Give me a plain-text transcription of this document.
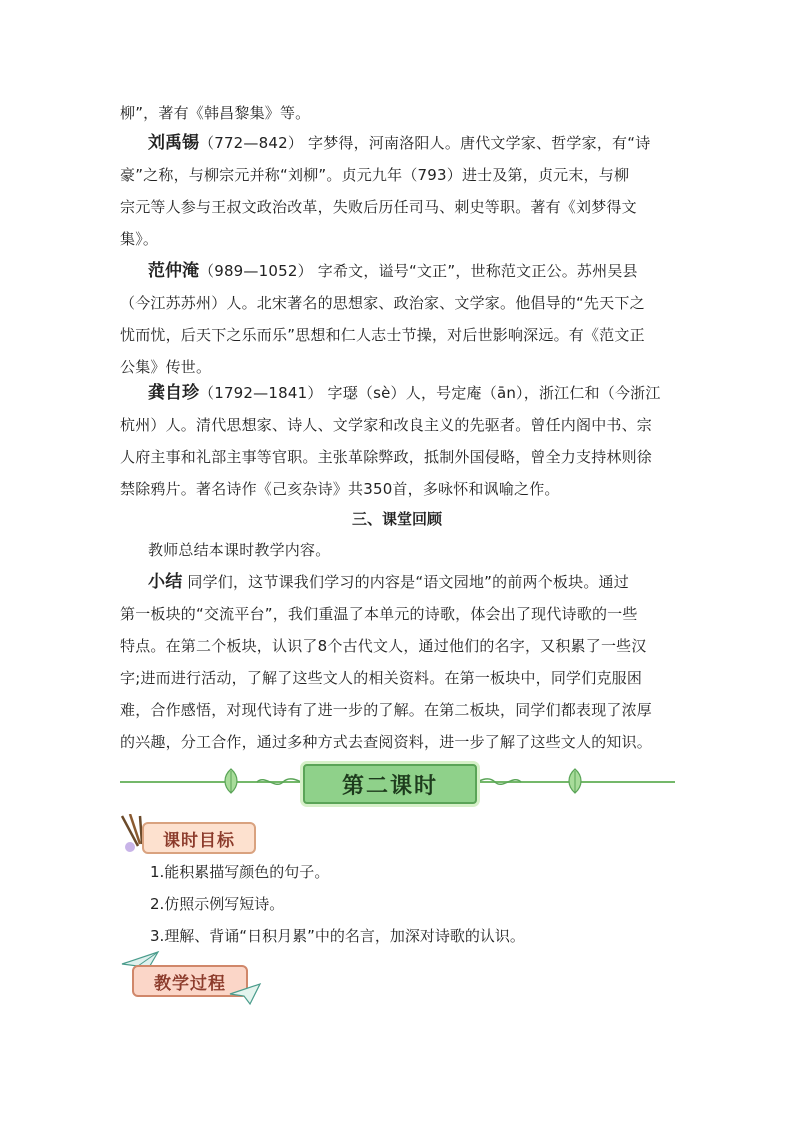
柳”，著有《韩昌黎集》等。
刘禹锡（772—842） 字梦得，河南洛阳人。唐代文学家、哲学家，有“诗
豪”之称，与柳宗元并称“刘柳”。贞元九年（793）进士及第，贞元末，与柳
宗元等人参与王叔文政治改革，失败后历任司马、刺史等职。著有《刘梦得文
集》。
范仲淹（989—1052） 字希文，谥号“文正”，世称范文正公。苏州吴县
（今江苏苏州）人。北宋著名的思想家、政治家、文学家。他倡导的“先天下之
忧而忧，后天下之乐而乐”思想和仁人志士节操，对后世影响深远。有《范文正
公集》传世。
龚自珍（1792—1841） 字璱（sè）人，号定庵（ān），浙江仁和（今浙江
杭州）人。清代思想家、诗人、文学家和改良主义的先驱者。曾任内阁中书、宗
人府主事和礼部主事等官职。主张革除弊政，抵制外国侵略，曾全力支持林则徐
禁除鸦片。著名诗作《己亥杂诗》共350首，多咏怀和讽喻之作。
三、课堂回顾
教师总结本课时教学内容。
小结 同学们，这节课我们学习的内容是“语文园地”的前两个板块。通过
第一板块的“交流平台”，我们重温了本单元的诗歌，体会出了现代诗歌的一些
特点。在第二个板块，认识了8个古代文人，通过他们的名字，又积累了一些汉
字;进而进行活动，了解了这些文人的相关资料。在第一板块中，同学们克服困
难，合作感悟，对现代诗有了进一步的了解。在第二板块，同学们都表现了浓厚
的兴趣，分工合作，通过多种方式去查阅资料，进一步了解了这些文人的知识。
第二课时
课时目标
1.能积累描写颜色的句子。
2.仿照示例写短诗。
3.理解、背诵“日积月累”中的名言，加深对诗歌的认识。
教学过程
